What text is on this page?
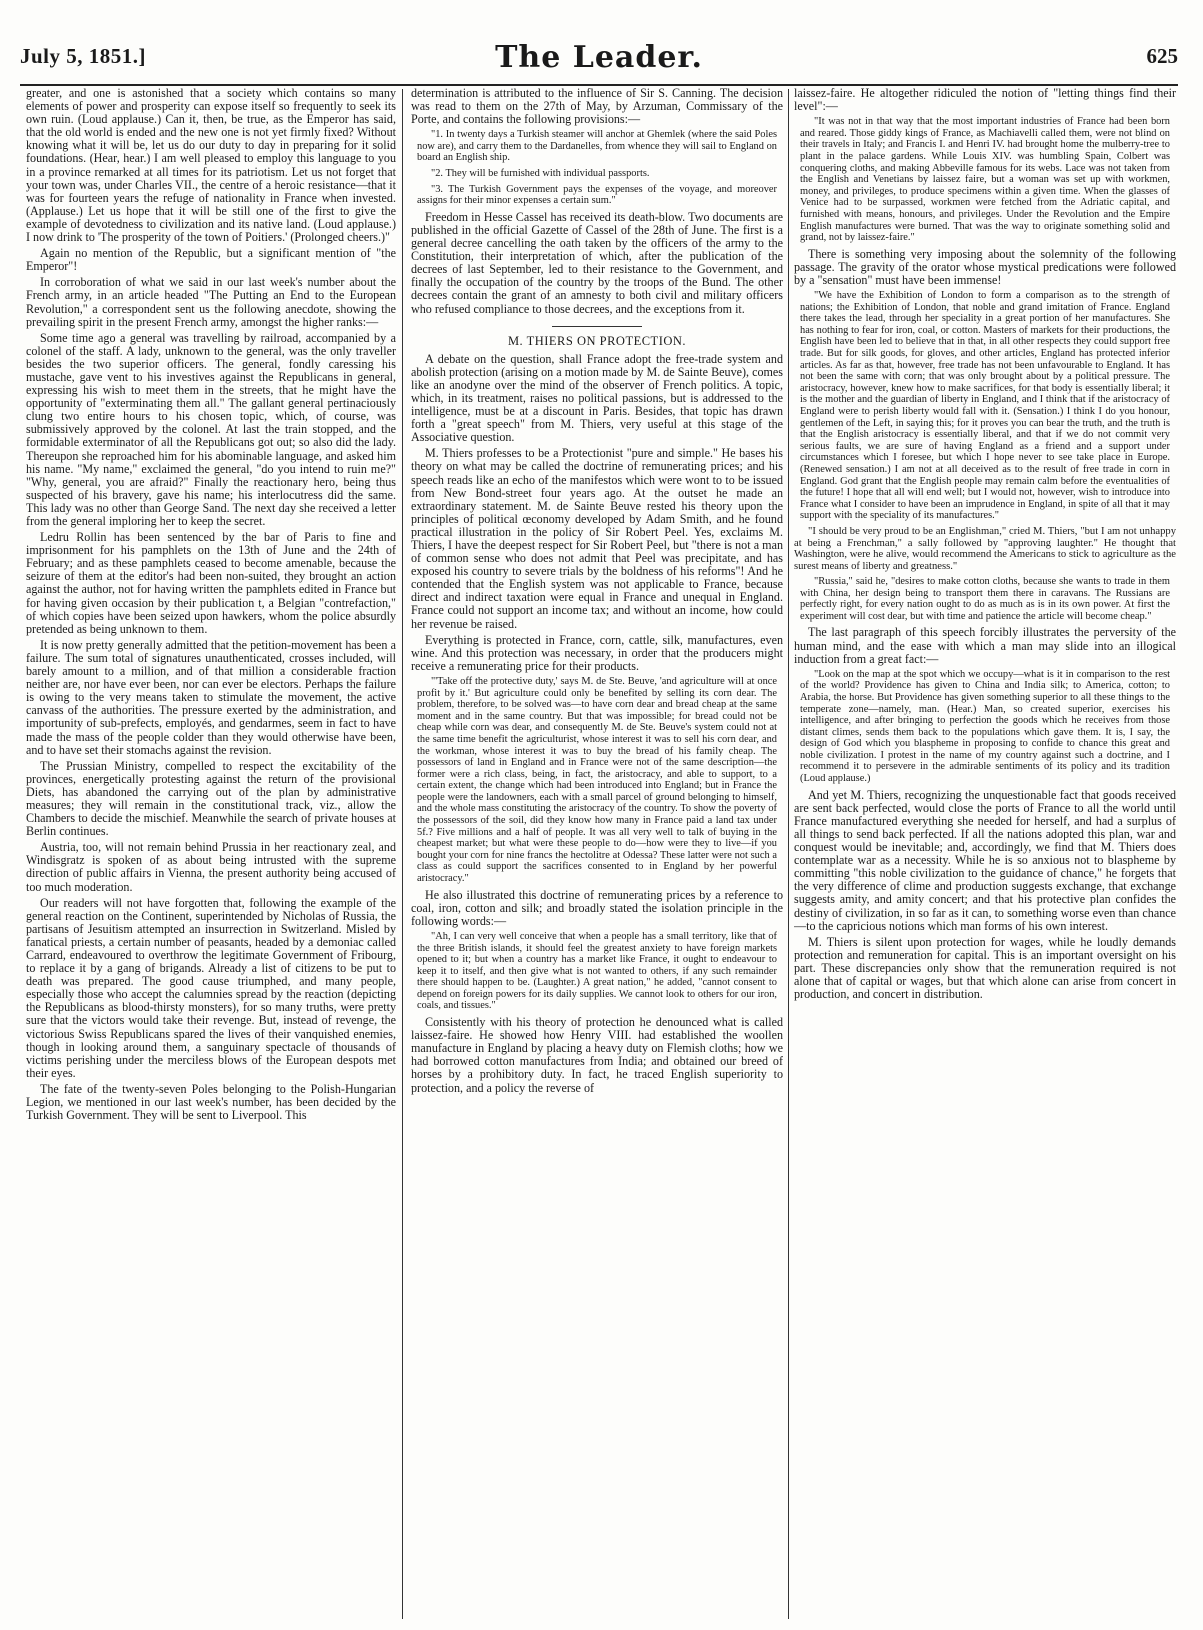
July 5, 1851.]	The Leader.	625

greater, and one is astonished that a society which contains so many elements of power and prosperity can expose itself so frequently to seek its own ruin. (Loud applause.) Can it, then, be true, as the Emperor has said, that the old world is ended and the new one is not yet firmly fixed? Without knowing what it will be, let us do our duty to day in preparing for it solid foundations. (Hear, hear.) I am well pleased to employ this language to you in a province remarked at all times for its patriotism. Let us not forget that your town was, under Charles VII., the centre of a heroic resistance—that it was for fourteen years the refuge of nationality in France when invested. (Applause.) Let us hope that it will be still one of the first to give the example of devotedness to civilization and its native land. (Loud applause.) I now drink to 'The prosperity of the town of Poitiers.' (Prolonged cheers.)"

Again no mention of the Republic, but a significant mention of "the Emperor"!

In corroboration of what we said in our last week's number about the French army, in an article headed "The Putting an End to the European Revolution," a correspondent sent us the following anecdote, showing the prevailing spirit in the present French army, amongst the higher ranks:—

Some time ago a general was travelling by railroad, accompanied by a colonel of the staff. A lady, unknown to the general, was the only traveller besides the two superior officers. The general, fondly caressing his mustache, gave vent to his investives against the Republicans in general, expressing his wish to meet them in the streets, that he might have the opportunity of "exterminating them all." The gallant general pertinaciously clung two entire hours to his chosen topic, which, of course, was submissively approved by the colonel. At last the train stopped, and the formidable exterminator of all the Republicans got out; so also did the lady. Thereupon she reproached him for his abominable language, and asked him his name. "My name," exclaimed the general, "do you intend to ruin me?" "Why, general, you are afraid?" Finally the reactionary hero, being thus suspected of his bravery, gave his name; his interlocutress did the same. This lady was no other than George Sand. The next day she received a letter from the general imploring her to keep the secret.

Ledru Rollin has been sentenced by the bar of Paris to fine and imprisonment for his pamphlets on the 13th of June and the 24th of February; and as these pamphlets ceased to become amenable, because the seizure of them at the editor's had been non-suited, they brought an action against the author, not for having written the pamphlets edited in France but for having given occasion by their publication t, a Belgian "contrefaction," of which copies have been seized upon hawkers, whom the police absurdly pretended as being unknown to them.

It is now pretty generally admitted that the petition-movement has been a failure. The sum total of signatures unauthenticated, crosses included, will barely amount to a million, and of that million a considerable fraction neither are, nor have ever been, nor can ever be electors. Perhaps the failure is owing to the very means taken to stimulate the movement, the active canvass of the authorities. The pressure exerted by the administration, and importunity of sub-prefects, employés, and gendarmes, seem in fact to have made the mass of the people colder than they would otherwise have been, and to have set their stomachs against the revision.

The Prussian Ministry, compelled to respect the excitability of the provinces, energetically protesting against the return of the provisional Diets, has abandoned the carrying out of the plan by administrative measures; they will remain in the constitutional track, viz., allow the Chambers to decide the mischief. Meanwhile the search of private houses at Berlin continues.

Austria, too, will not remain behind Prussia in her reactionary zeal, and Windisgratz is spoken of as about being intrusted with the supreme direction of public affairs in Vienna, the present authority being accused of too much moderation.

Our readers will not have forgotten that, following the example of the general reaction on the Continent, superintended by Nicholas of Russia, the partisans of Jesuitism attempted an insurrection in Switzerland. Misled by fanatical priests, a certain number of peasants, headed by a demoniac called Carrard, endeavoured to overthrow the legitimate Government of Fribourg, to replace it by a gang of brigands. Already a list of citizens to be put to death was prepared. The good cause triumphed, and many people, especially those who accept the calumnies spread by the reaction (depicting the Republicans as blood-thirsty monsters), for so many truths, were pretty sure that the victors would take their revenge. But, instead of revenge, the victorious Swiss Republicans spared the lives of their vanquished enemies, though in looking around them, a sanguinary spectacle of thousands of victims perishing under the merciless blows of the European despots met their eyes.

The fate of the twenty-seven Poles belonging to the Polish-Hungarian Legion, we mentioned in our last week's number, has been decided by the Turkish Government. They will be sent to Liverpool. This

determination is attributed to the influence of Sir S. Canning. The decision was read to them on the 27th of May, by Arzuman, Commissary of the Porte, and contains the following provisions:—

"1. In twenty days a Turkish steamer will anchor at Ghemlek (where the said Poles now are), and carry them to the Dardanelles, from whence they will sail to England on board an English ship.

"2. They will be furnished with individual passports.

"3. The Turkish Government pays the expenses of the voyage, and moreover assigns for their minor expenses a certain sum."

Freedom in Hesse Cassel has received its death-blow. Two documents are published in the official Gazette of Cassel of the 28th of June. The first is a general decree cancelling the oath taken by the officers of the army to the Constitution, their interpretation of which, after the publication of the decrees of last September, led to their resistance to the Government, and finally the occupation of the country by the troops of the Bund. The other decrees contain the grant of an amnesty to both civil and military officers who refused compliance to those decrees, and the exceptions from it.

M. THIERS ON PROTECTION.

A debate on the question, shall France adopt the free-trade system and abolish protection (arising on a motion made by M. de Sainte Beuve), comes like an anodyne over the mind of the observer of French politics. A topic, which, in its treatment, raises no political passions, but is addressed to the intelligence, must be at a discount in Paris. Besides, that topic has drawn forth a "great speech" from M. Thiers, very useful at this stage of the Associative question.

M. Thiers professes to be a Protectionist "pure and simple." He bases his theory on what may be called the doctrine of remunerating prices; and his speech reads like an echo of the manifestos which were wont to to be issued from New Bond-street four years ago. At the outset he made an extraordinary statement. M. de Sainte Beuve rested his theory upon the principles of political œconomy developed by Adam Smith, and he found practical illustration in the policy of Sir Robert Peel. Yes, exclaims M. Thiers, I have the deepest respect for Sir Robert Peel, but "there is not a man of common sense who does not admit that Peel was precipitate, and has exposed his country to severe trials by the boldness of his reforms"! And he contended that the English system was not applicable to France, because direct and indirect taxation were equal in France and unequal in England. France could not support an income tax; and without an income, how could her revenue be raised.

Everything is protected in France, corn, cattle, silk, manufactures, even wine. And this protection was necessary, in order that the producers might receive a remunerating price for their products.

"'Take off the protective duty,' says M. de Ste. Beuve, 'and agriculture will at once profit by it.' But agriculture could only be benefited by selling its corn dear. The problem, therefore, to be solved was—to have corn dear and bread cheap at the same moment and in the same country. But that was impossible; for bread could not be cheap while corn was dear, and consequently M. de Ste. Beuve's system could not at the same time benefit the agriculturist, whose interest it was to sell his corn dear, and the workman, whose interest it was to buy the bread of his family cheap. The possessors of land in England and in France were not of the same description—the former were a rich class, being, in fact, the aristocracy, and able to support, to a certain extent, the change which had been introduced into England; but in France the people were the landowners, each with a small parcel of ground belonging to himself, and the whole mass constituting the aristocracy of the country. To show the poverty of the possessors of the soil, did they know how many in France paid a land tax under 5f.? Five millions and a half of people. It was all very well to talk of buying in the cheapest market; but what were these people to do—how were they to live—if you bought your corn for nine francs the hectolitre at Odessa? These latter were not such a class as could support the sacrifices consented to in England by her powerful aristocracy."

He also illustrated this doctrine of remunerating prices by a reference to coal, iron, cotton and silk; and broadly stated the isolation principle in the following words:—

"Ah, I can very well conceive that when a people has a small territory, like that of the three British islands, it should feel the greatest anxiety to have foreign markets opened to it; but when a country has a market like France, it ought to endeavour to keep it to itself, and then give what is not wanted to others, if any such remainder there should happen to be. (Laughter.) A great nation," he added, "cannot consent to depend on foreign powers for its daily supplies. We cannot look to others for our iron, coals, and tissues."

Consistently with his theory of protection he denounced what is called laissez-faire. He showed how Henry VIII. had established the woollen manufacture in England by placing a heavy duty on Flemish cloths; how we had borrowed cotton manufactures from India; and obtained our breed of horses by a prohibitory duty. In fact, he traced English superiority to protection, and a policy the reverse of

laissez-faire. He altogether ridiculed the notion of "letting things find their level":—

"It was not in that way that the most important industries of France had been born and reared. Those giddy kings of France, as Machiavelli called them, were not blind on their travels in Italy; and Francis I. and Henri IV. had brought home the mulberry-tree to plant in the palace gardens. While Louis XIV. was humbling Spain, Colbert was conquering cloths, and making Abbeville famous for its webs. Lace was not taken from the English and Venetians by laissez faire, but a woman was set up with workmen, money, and privileges, to produce specimens within a given time. When the glasses of Venice had to be surpassed, workmen were fetched from the Adriatic capital, and furnished with means, honours, and privileges. Under the Revolution and the Empire English manufactures were burned. That was the way to originate something solid and grand, not by laissez-faire."

There is something very imposing about the solemnity of the following passage. The gravity of the orator whose mystical predications were followed by a "sensation" must have been immense!

"We have the Exhibition of London to form a comparison as to the strength of nations; the Exhibition of London, that noble and grand imitation of France. England there takes the lead, through her speciality in a great portion of her manufactures. She has nothing to fear for iron, coal, or cotton. Masters of markets for their productions, the English have been led to believe that in that, in all other respects they could support free trade. But for silk goods, for gloves, and other articles, England has protected inferior articles. As far as that, however, free trade has not been unfavourable to England. It has not been the same with corn; that was only brought about by a political pressure. The aristocracy, however, knew how to make sacrifices, for that body is essentially liberal; it is the mother and the guardian of liberty in England, and I think that if the aristocracy of England were to perish liberty would fall with it. (Sensation.) I think I do you honour, gentlemen of the Left, in saying this; for it proves you can bear the truth, and the truth is that the English aristocracy is essentially liberal, and that if we do not commit very serious faults, we are sure of having England as a friend and a support under circumstances which I foresee, but which I hope never to see take place in Europe. (Renewed sensation.) I am not at all deceived as to the result of free trade in corn in England. God grant that the English people may remain calm before the eventualities of the future! I hope that all will end well; but I would not, however, wish to introduce into France what I consider to have been an imprudence in England, in spite of all that it may support with the speciality of its manufactures."

"I should be very proud to be an Englishman," cried M. Thiers, "but I am not unhappy at being a Frenchman," a sally followed by "approving laughter." He thought that Washington, were he alive, would recommend the Americans to stick to agriculture as the surest means of liberty and greatness."

"Russia," said he, "desires to make cotton cloths, because she wants to trade in them with China, her design being to transport them there in caravans. The Russians are perfectly right, for every nation ought to do as much as is in its own power. At first the experiment will cost dear, but with time and patience the article will become cheap."

The last paragraph of this speech forcibly illustrates the perversity of the human mind, and the ease with which a man may slide into an illogical induction from a great fact:—

"Look on the map at the spot which we occupy—what is it in comparison to the rest of the world? Providence has given to China and India silk; to America, cotton; to Arabia, the horse. But Providence has given something superior to all these things to the temperate zone—namely, man. (Hear.) Man, so created superior, exercises his intelligence, and after bringing to perfection the goods which he receives from those distant climes, sends them back to the populations which gave them. It is, I say, the design of God which you blaspheme in proposing to confide to chance this great and noble civilization. I protest in the name of my country against such a doctrine, and I recommend it to persevere in the admirable sentiments of its policy and its tradition (Loud applause.)

And yet M. Thiers, recognizing the unquestionable fact that goods received are sent back perfected, would close the ports of France to all the world until France manufactured everything she needed for herself, and had a surplus of all things to send back perfected. If all the nations adopted this plan, war and conquest would be inevitable; and, accordingly, we find that M. Thiers does contemplate war as a necessity. While he is so anxious not to blaspheme by committing "this noble civilization to the guidance of chance," he forgets that the very difference of clime and production suggests exchange, that exchange suggests amity, and amity concert; and that his protective plan confides the destiny of civilization, in so far as it can, to something worse even than chance—to the capricious notions which man forms of his own interest.

M. Thiers is silent upon protection for wages, while he loudly demands protection and remuneration for capital. This is an important oversight on his part. These discrepancies only show that the remuneration required is not alone that of capital or wages, but that which alone can arise from concert in production, and concert in distribution.
